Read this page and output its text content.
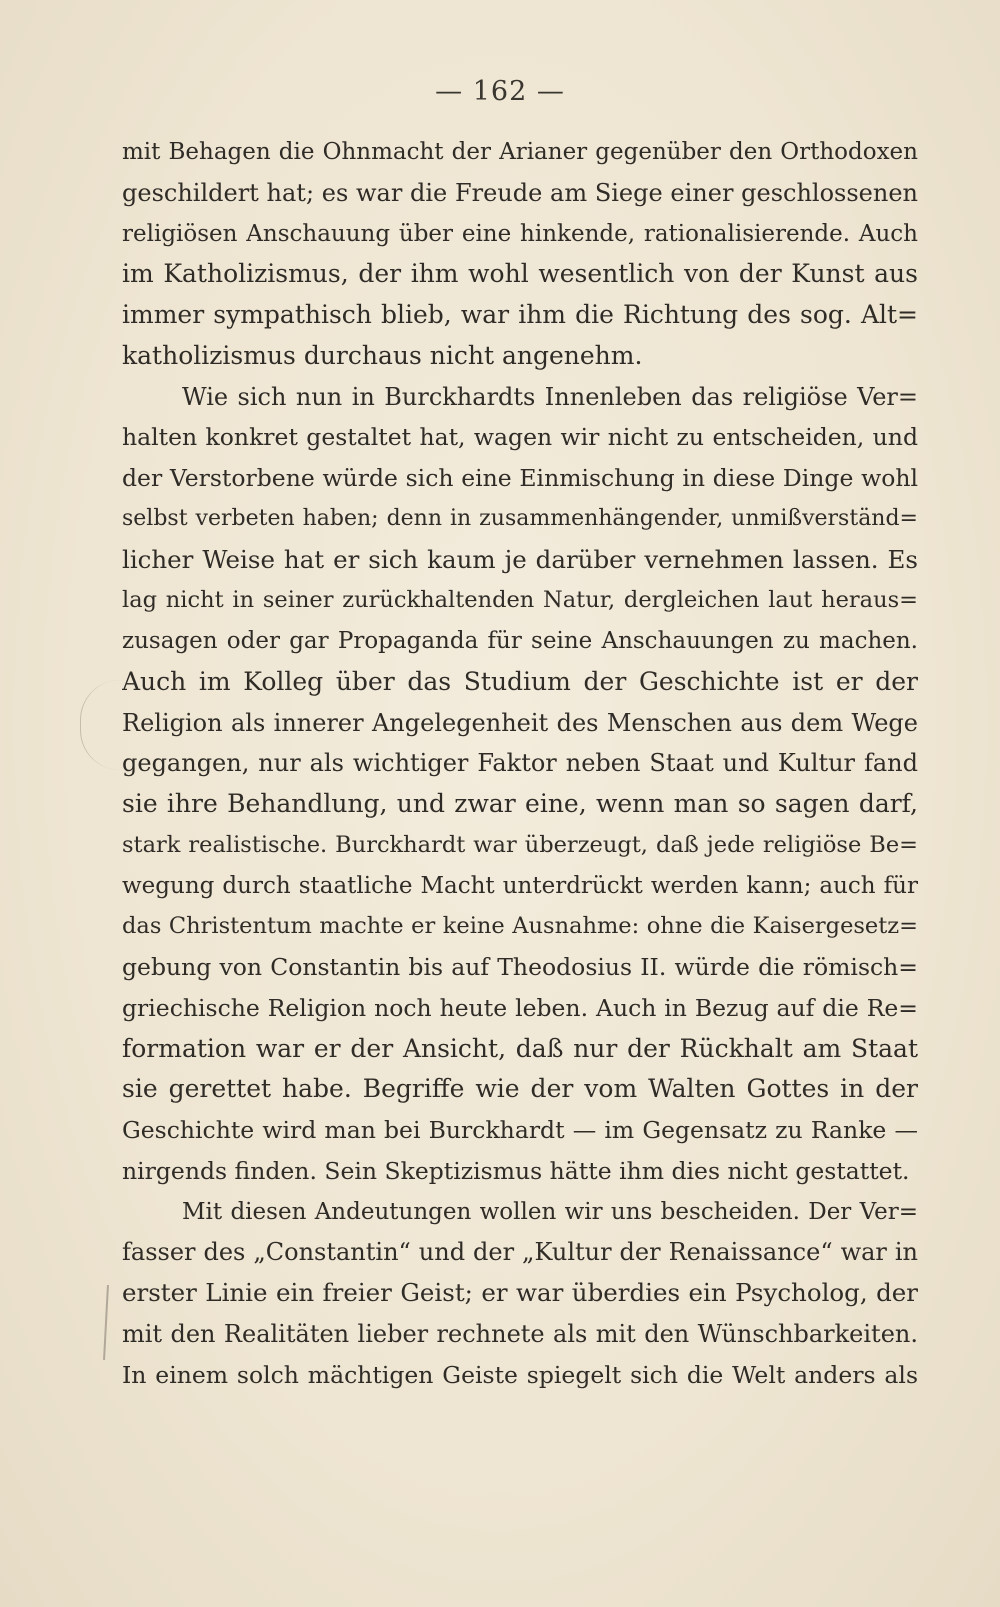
— 162 —
mit Behagen die Ohnmacht der Arianer gegenüber den Orthodoxen
geschildert hat; es war die Freude am Siege einer geschlossenen
religiösen Anschauung über eine hinkende, rationalisierende. Auch
im Katholizismus, der ihm wohl wesentlich von der Kunst aus
immer sympathisch blieb, war ihm die Richtung des sog. Alt=
katholizismus durchaus nicht angenehm.
Wie sich nun in Burckhardts Innenleben das religiöse Ver=
halten konkret gestaltet hat, wagen wir nicht zu entscheiden, und
der Verstorbene würde sich eine Einmischung in diese Dinge wohl
selbst verbeten haben; denn in zusammenhängender, unmißverständ=
licher Weise hat er sich kaum je darüber vernehmen lassen. Es
lag nicht in seiner zurückhaltenden Natur, dergleichen laut heraus=
zusagen oder gar Propaganda für seine Anschauungen zu machen.
Auch im Kolleg über das Studium der Geschichte ist er der
Religion als innerer Angelegenheit des Menschen aus dem Wege
gegangen, nur als wichtiger Faktor neben Staat und Kultur fand
sie ihre Behandlung, und zwar eine, wenn man so sagen darf,
stark realistische. Burckhardt war überzeugt, daß jede religiöse Be=
wegung durch staatliche Macht unterdrückt werden kann; auch für
das Christentum machte er keine Ausnahme: ohne die Kaisergesetz=
gebung von Constantin bis auf Theodosius II. würde die römisch=
griechische Religion noch heute leben. Auch in Bezug auf die Re=
formation war er der Ansicht, daß nur der Rückhalt am Staat
sie gerettet habe. Begriffe wie der vom Walten Gottes in der
Geschichte wird man bei Burckhardt — im Gegensatz zu Ranke —
nirgends finden. Sein Skeptizismus hätte ihm dies nicht gestattet.
Mit diesen Andeutungen wollen wir uns bescheiden. Der Ver=
fasser des „Constantin“ und der „Kultur der Renaissance“ war in
erster Linie ein freier Geist; er war überdies ein Psycholog, der
mit den Realitäten lieber rechnete als mit den Wünschbarkeiten.
In einem solch mächtigen Geiste spiegelt sich die Welt anders als
